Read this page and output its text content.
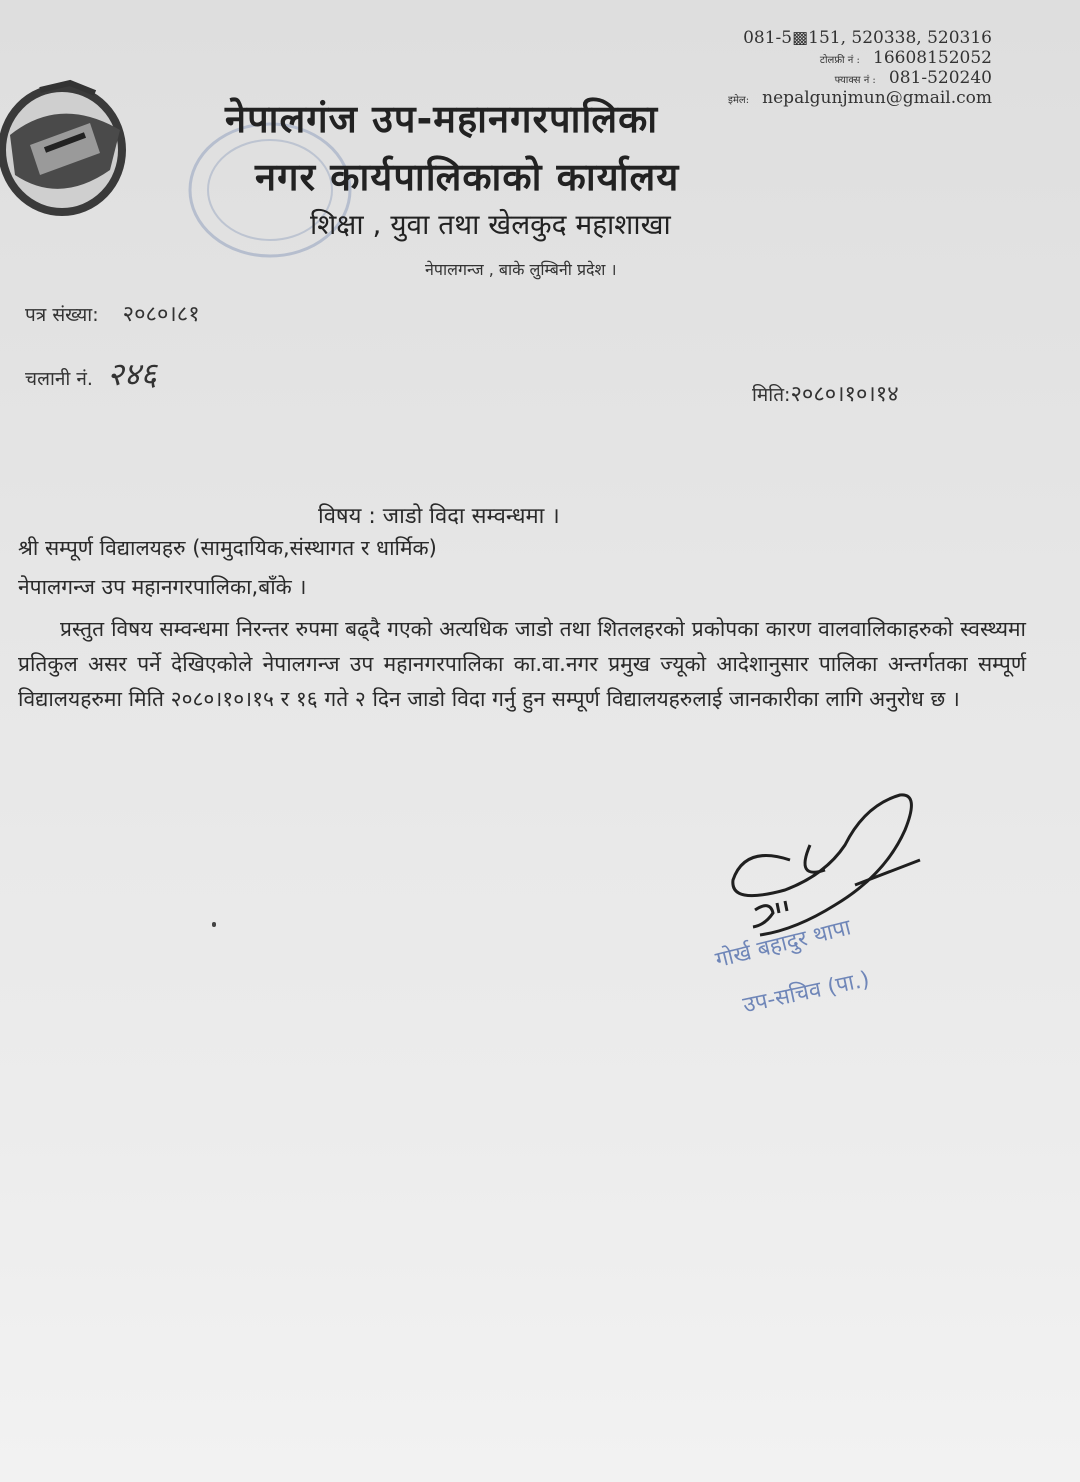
081-5▩151, 520338, 520316
टोलफ्री नं : 16608152052
फ्याक्स नं : 081-520240
इमेल: nepalgunjmun@gmail.com
नेपालगंज उप-महानगरपालिका
नगर कार्यपालिकाको कार्यालय
शिक्षा , युवा तथा खेलकुद महाशाखा
नेपालगन्ज , बाके लुम्बिनी प्रदेश ।
पत्र संख्या: २०८०।८१
चलानी नं. २४६
मिति:२०८०।१०।१४
विषय : जाडो विदा सम्वन्धमा ।
श्री सम्पूर्ण विद्यालयहरु (सामुदायिक,संस्थागत र धार्मिक)
नेपालगन्ज उप महानगरपालिका,बाँके ।

प्रस्तुत विषय सम्वन्धमा निरन्तर रुपमा बढ्दै गएको अत्यधिक जाडो तथा शितलहरको प्रकोपका कारण वालवालिकाहरुको स्वस्थ्यमा प्रतिकुल असर पर्ने देखिएकोले नेपालगन्ज उप महानगरपालिका का.वा.नगर प्रमुख ज्यूको आदेशानुसार पालिका अन्तर्गतका सम्पूर्ण विद्यालयहरुमा मिति २०८०।१०।१५ र १६ गते २ दिन जाडो विदा गर्नु हुन सम्पूर्ण विद्यालयहरुलाई जानकारीका लागि अनुरोध छ ।

गोर्ख बहादुर थापा
उप-सचिव (पा.)
